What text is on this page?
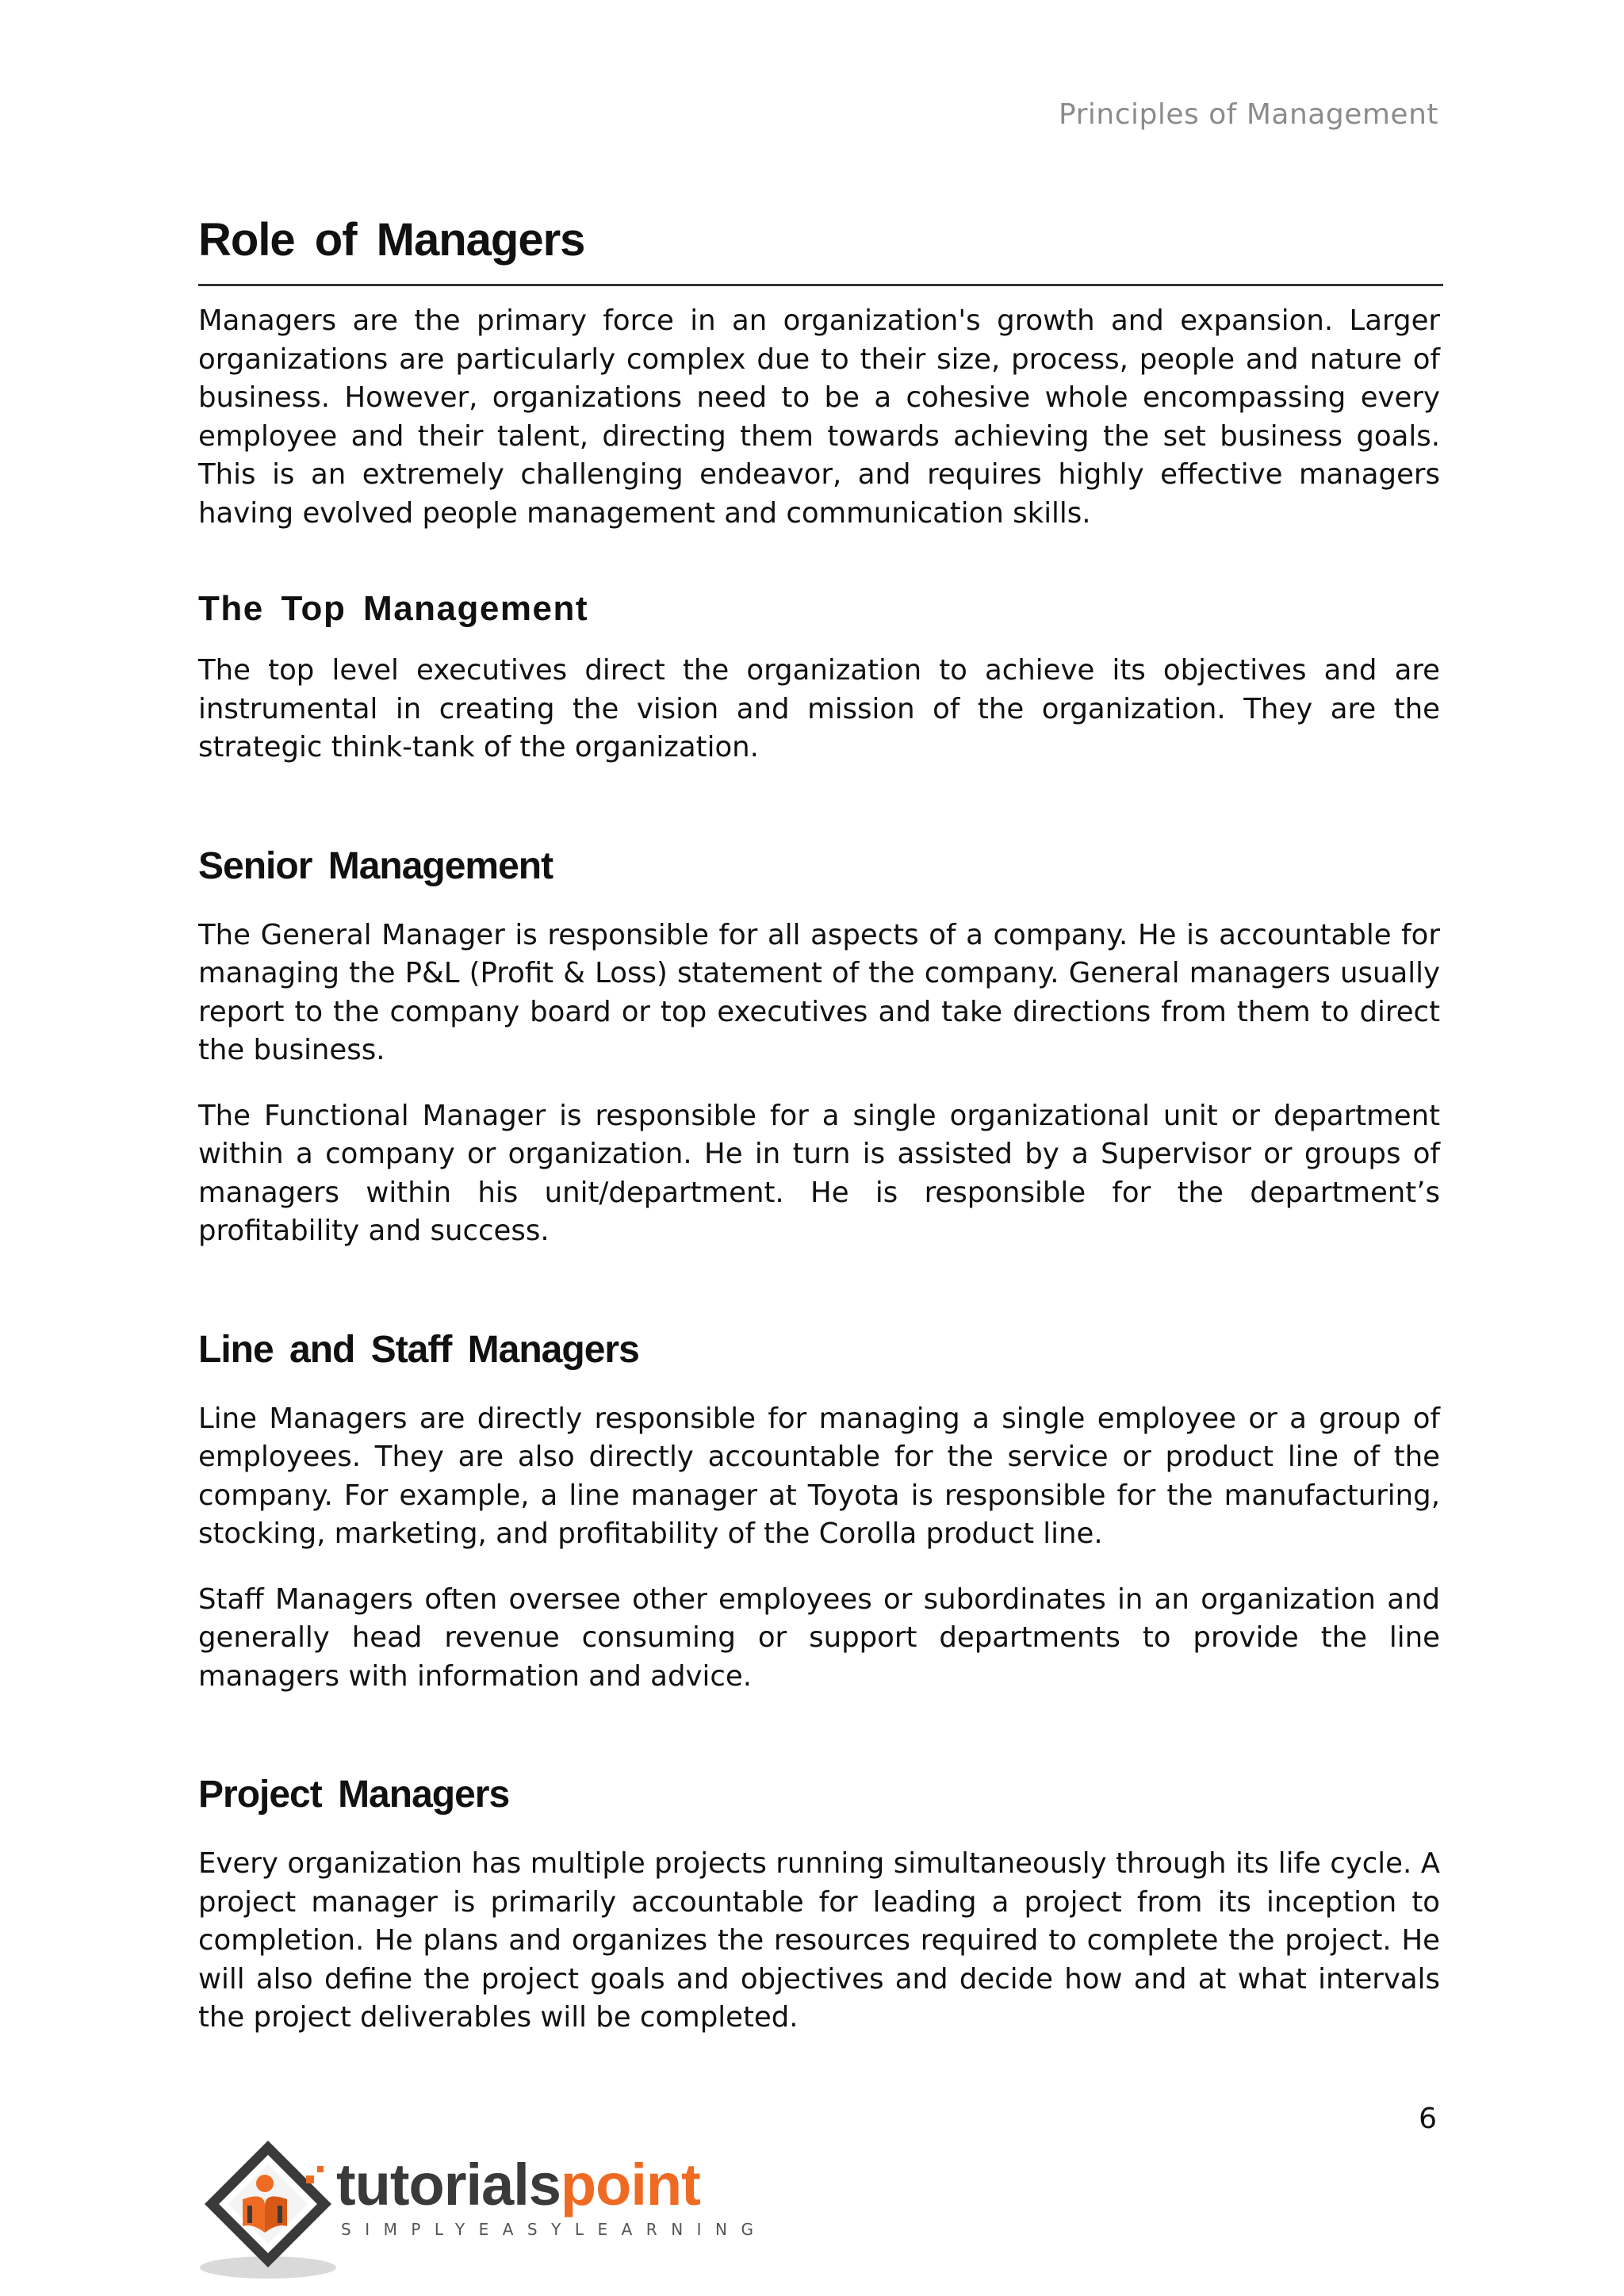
Principles of Management
Role of Managers

Managers are the primary force in an organization's growth and expansion. Larger organizations are particularly complex due to their size, process, people and nature of business. However, organizations need to be a cohesive whole encompassing every employee and their talent, directing them towards achieving the set business goals. This is an extremely challenging endeavor, and requires highly effective managers having evolved people management and communication skills.

The Top Management

The top level executives direct the organization to achieve its objectives and are instrumental in creating the vision and mission of the organization. They are the strategic think-tank of the organization.

Senior Management

The General Manager is responsible for all aspects of a company. He is accountable for managing the P&L (Profit & Loss) statement of the company. General managers usually report to the company board or top executives and take directions from them to direct the business.

The Functional Manager is responsible for a single organizational unit or department within a company or organization. He in turn is assisted by a Supervisor or groups of managers within his unit/department. He is responsible for the department’s profitability and success.

Line and Staff Managers

Line Managers are directly responsible for managing a single employee or a group of employees. They are also directly accountable for the service or product line of the company. For example, a line manager at Toyota is responsible for the manufacturing, stocking, marketing, and profitability of the Corolla product line.

Staff Managers often oversee other employees or subordinates in an organization and generally head revenue consuming or support departments to provide the line managers with information and advice.

Project Managers

Every organization has multiple projects running simultaneously through its life cycle. A project manager is primarily accountable for leading a project from its inception to completion. He plans and organizes the resources required to complete the project. He will also define the project goals and objectives and decide how and at what intervals the project deliverables will be completed.

6
tutorialspoint
SIMPLYEASYLEARNING
